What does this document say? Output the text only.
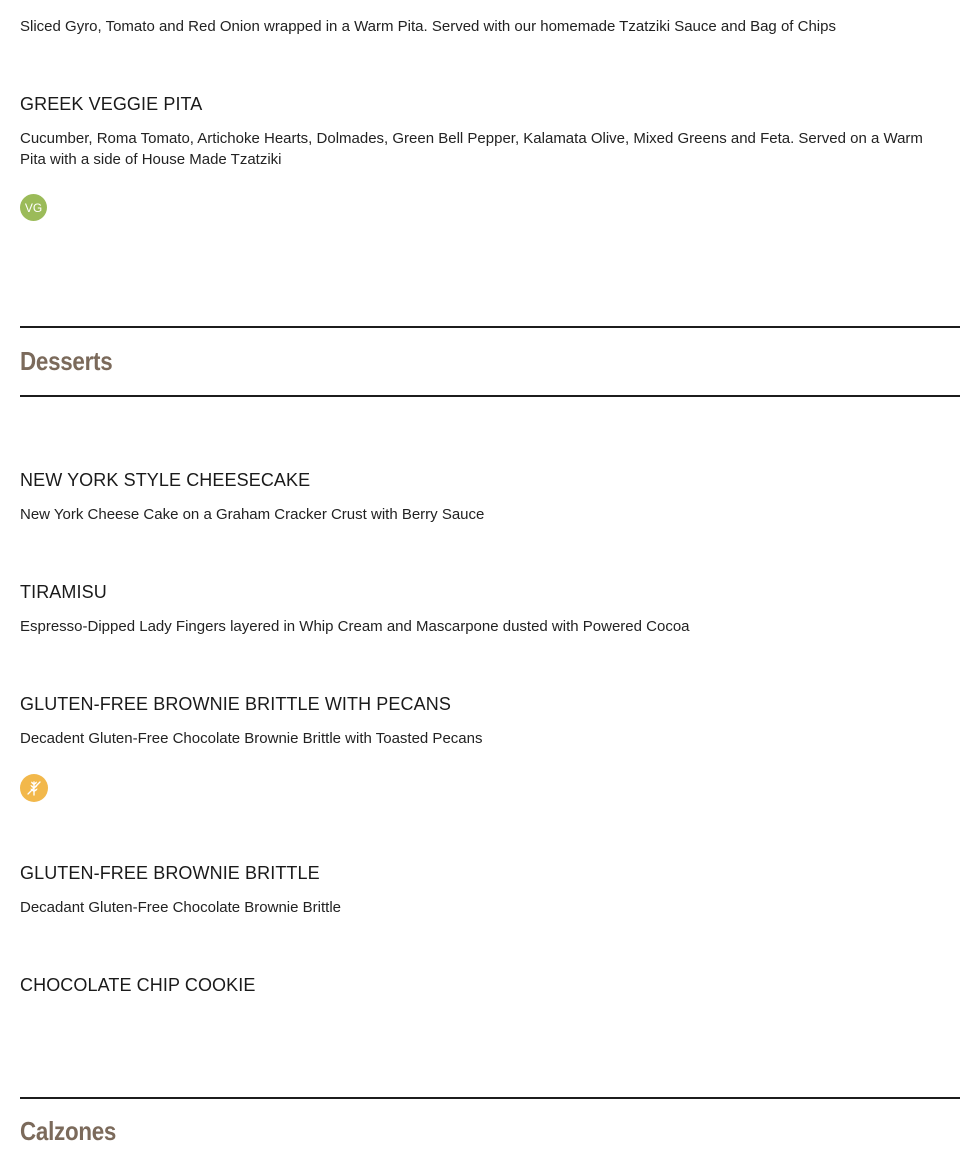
Sliced Gyro, Tomato and Red Onion wrapped in a Warm Pita. Served with our homemade Tzatziki Sauce and Bag of Chips
GREEK VEGGIE PITA
Cucumber, Roma Tomato, Artichoke Hearts, Dolmades, Green Bell Pepper, Kalamata Olive, Mixed Greens and Feta. Served on a Warm Pita with a side of House Made Tzatziki
VG
Desserts
NEW YORK STYLE CHEESECAKE
New York Cheese Cake on a Graham Cracker Crust with Berry Sauce
TIRAMISU
Espresso-Dipped Lady Fingers layered in Whip Cream and Mascarpone dusted with Powered Cocoa
GLUTEN-FREE BROWNIE BRITTLE WITH PECANS
Decadent Gluten-Free Chocolate Brownie Brittle with Toasted Pecans
GLUTEN-FREE BROWNIE BRITTLE
Decadant Gluten-Free Chocolate Brownie Brittle
CHOCOLATE CHIP COOKIE
Calzones
